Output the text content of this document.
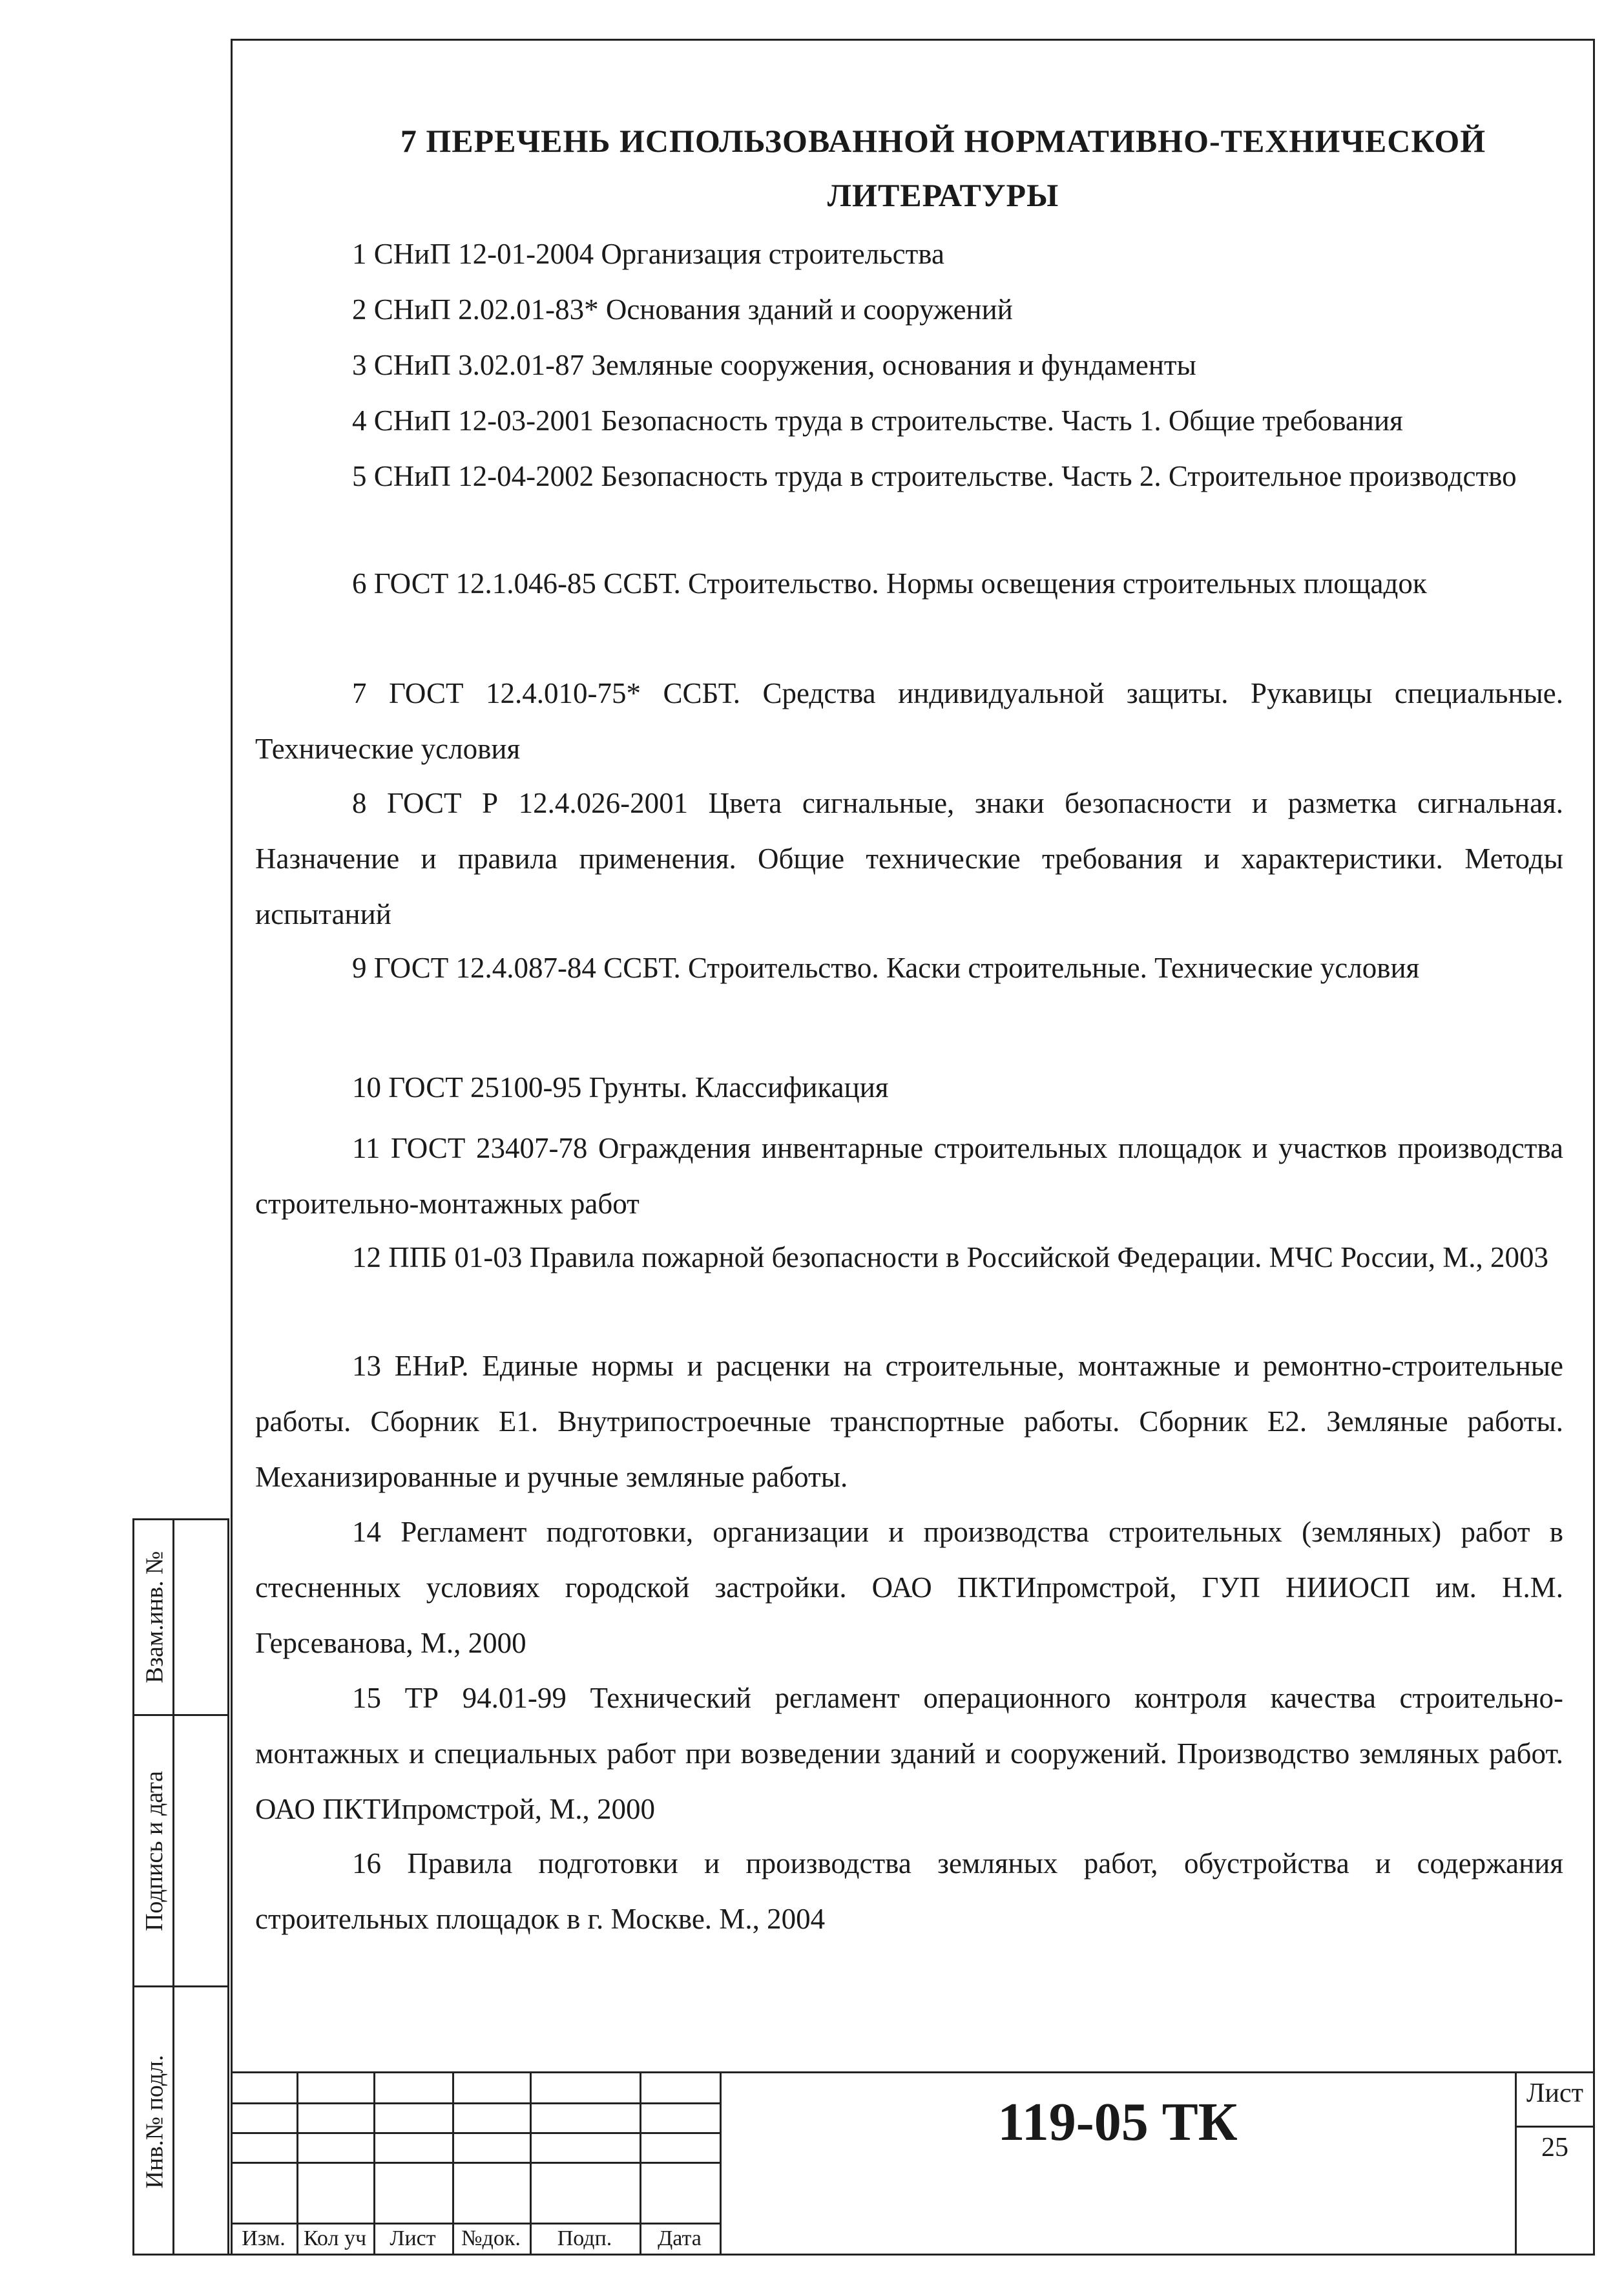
7 ПЕРЕЧЕНЬ ИСПОЛЬЗОВАННОЙ НОРМАТИВНО-ТЕХНИЧЕСКОЙ
ЛИТЕРАТУРЫ
1 СНиП 12-01-2004 Организация строительства
2 СНиП 2.02.01-83* Основания зданий и сооружений
3 СНиП 3.02.01-87 Земляные сооружения, основания и фундаменты
4 СНиП 12-03-2001 Безопасность труда в строительстве. Часть 1. Общие требования
5 СНиП 12-04-2002 Безопасность труда в строительстве. Часть 2. Строительное производство
6 ГОСТ 12.1.046-85 ССБТ. Строительство. Нормы освещения строительных площадок
7 ГОСТ 12.4.010-75* ССБТ. Средства индивидуальной защиты. Рукавицы специальные. Технические условия
8 ГОСТ Р 12.4.026-2001 Цвета сигнальные, знаки безопасности и разметка сигнальная. Назначение и правила применения. Общие технические требования и характеристики. Методы испытаний
9 ГОСТ 12.4.087-84 ССБТ. Строительство. Каски строительные. Технические условия
10 ГОСТ 25100-95 Грунты. Классификация
11 ГОСТ 23407-78 Ограждения инвентарные строительных площадок и участков производства строительно-монтажных работ
12 ППБ 01-03 Правила пожарной безопасности в Российской Федерации. МЧС России, М., 2003
13 ЕНиР. Единые нормы и расценки на строительные, монтажные и ремонтно-строительные работы. Сборник Е1. Внутрипостроечные транспортные работы. Сборник Е2. Земляные работы. Механизированные и ручные земляные работы.
14 Регламент подготовки, организации и производства строительных (земляных) работ в стесненных условиях городской застройки. ОАО ПКТИпромстрой, ГУП НИИОСП им. Н.М. Герсеванова, М., 2000
15 ТР 94.01-99 Технический регламент операционного контроля качества строительно-монтажных и специальных работ при возведении зданий и сооружений. Производство земляных работ. ОАО ПКТИпромстрой, М., 2000
16 Правила подготовки и производства земляных работ, обустройства и содержания строительных площадок в г. Москве. М., 2004
Взам.инв. №
Подпись и дата
Инв.№ подл.
Изм. Кол уч	Лист	№док.	Подп.	Дата
119-05 ТК	Лист
25
